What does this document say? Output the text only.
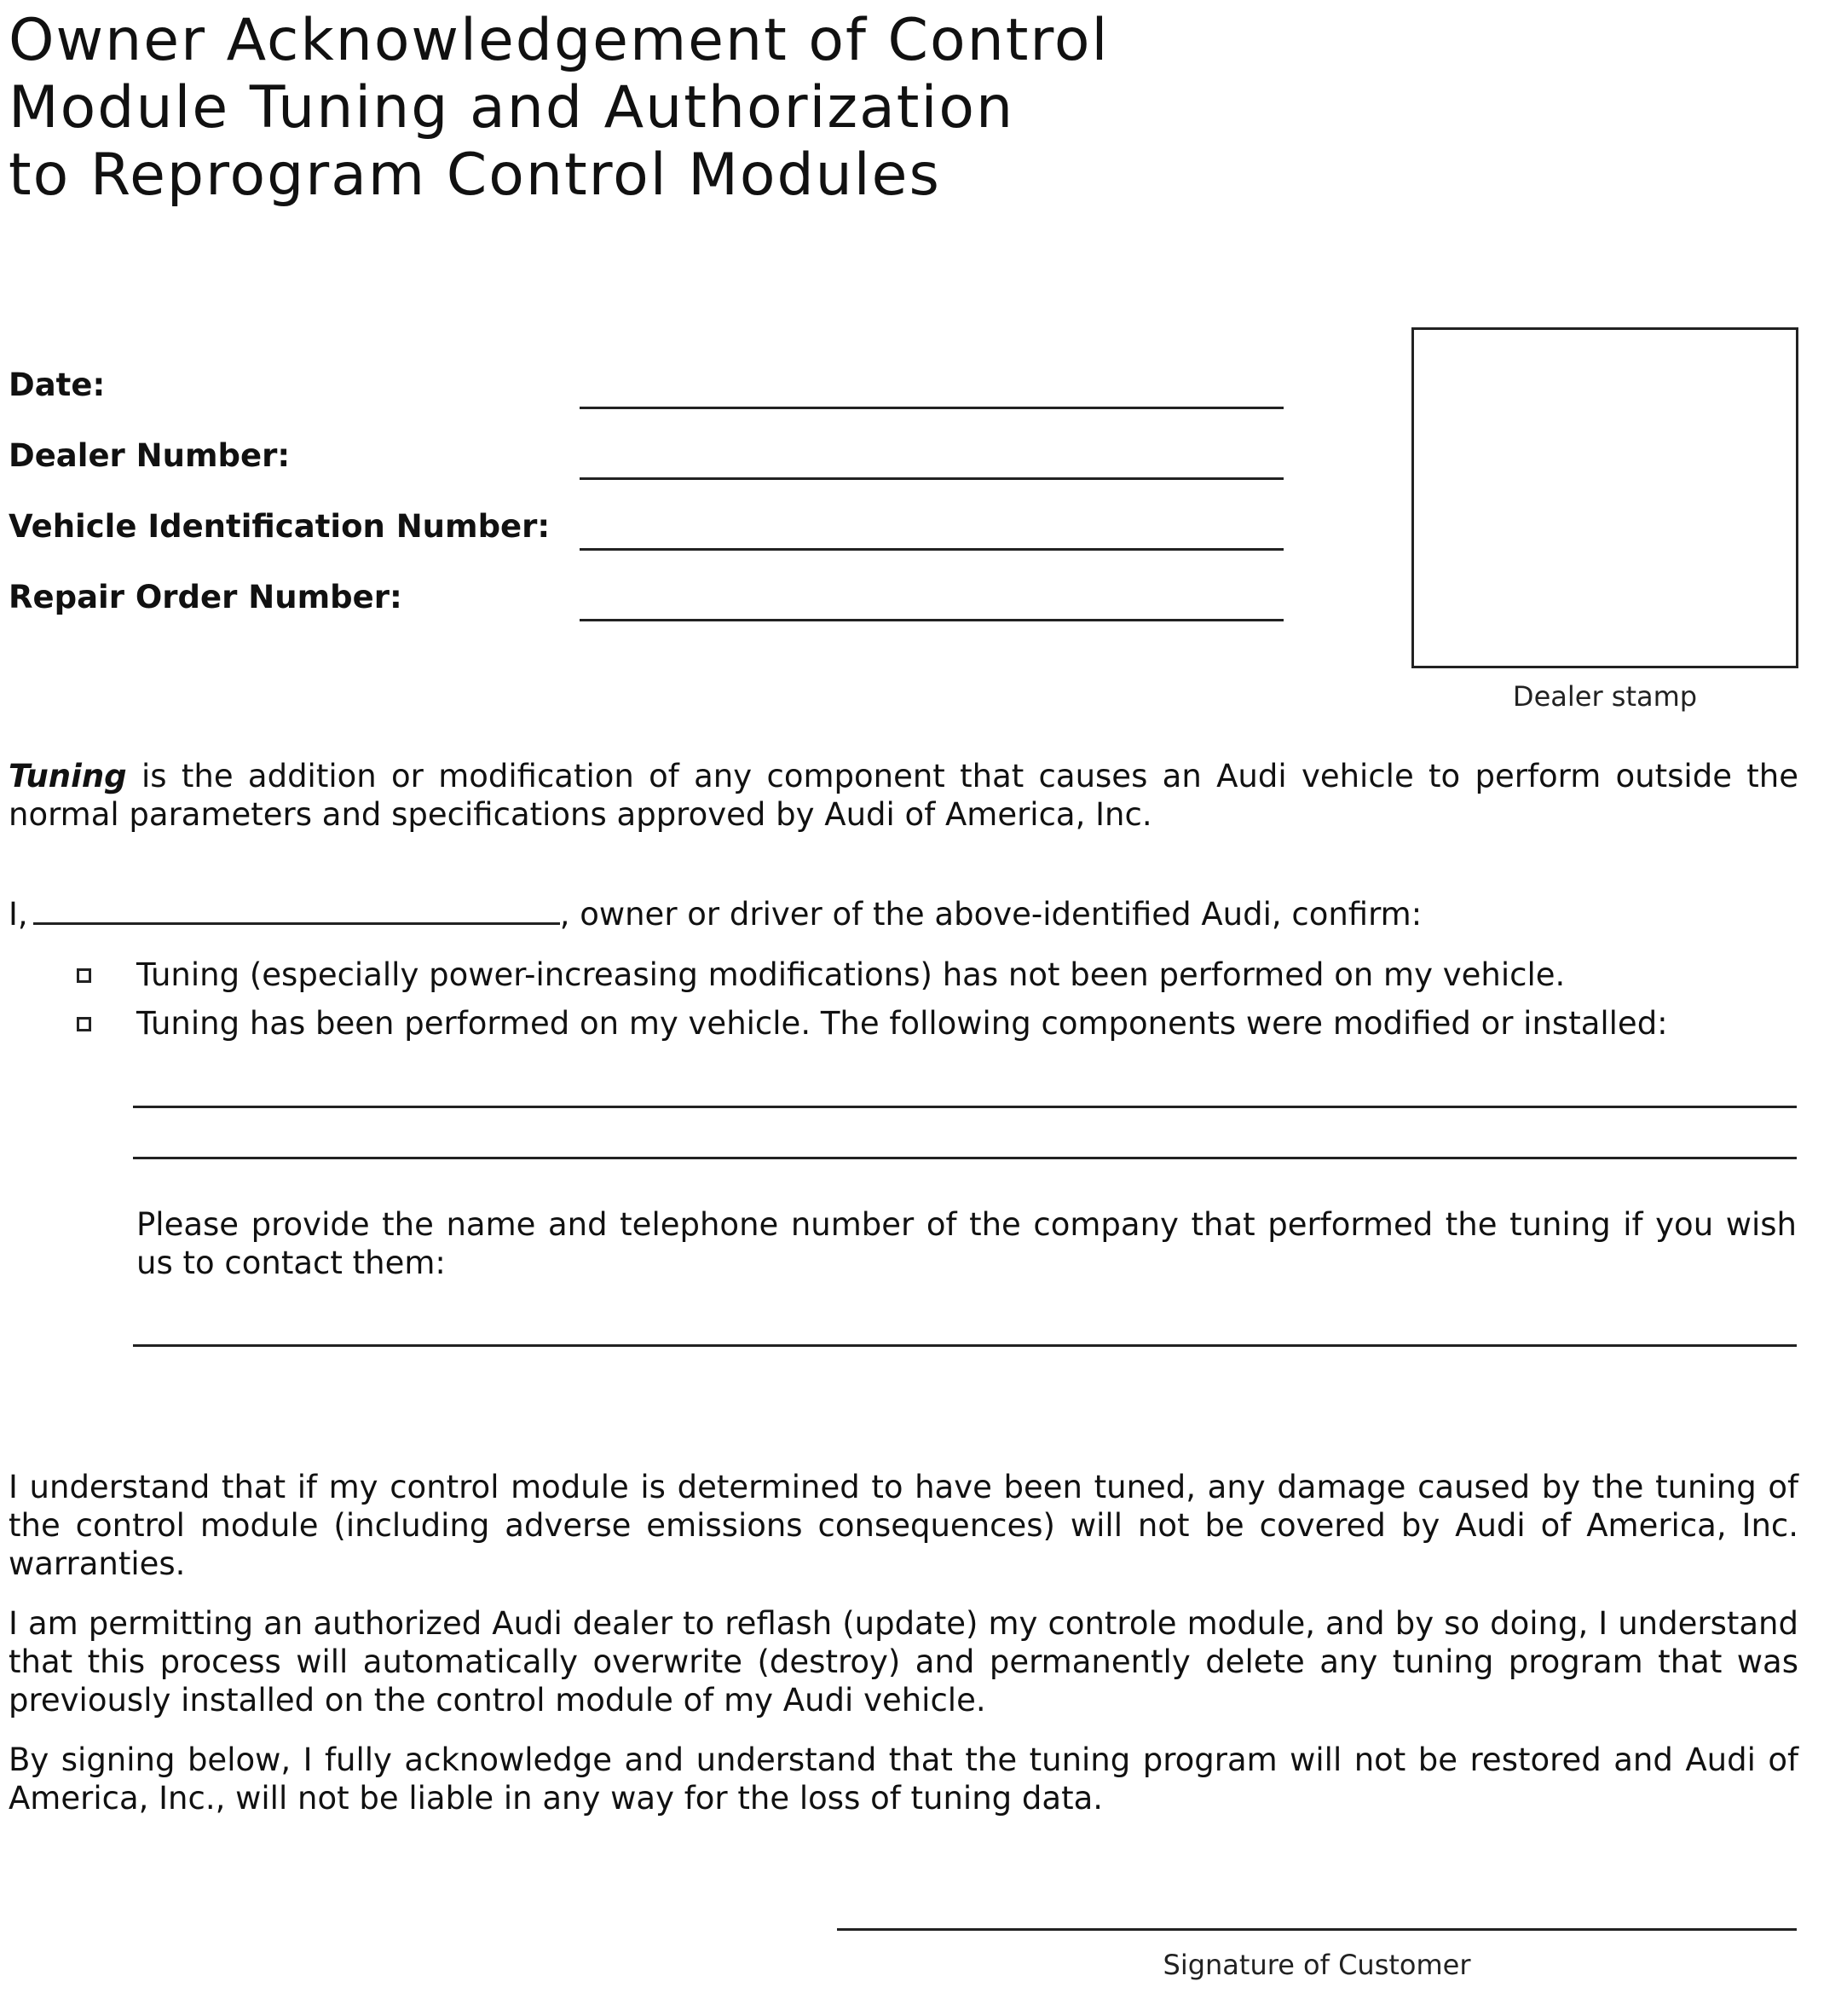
Owner Acknowledgement of Control
Module Tuning and Authorization
to Reprogram Control Modules
Date:
Dealer Number:
Vehicle Identification Number:
Repair Order Number:
Dealer stamp
Tuning is the addition or modification of any component that causes an Audi vehicle to perform outside the normal parameters and specifications approved by Audi of America, Inc.
I,	, owner or driver of the above-identified Audi, confirm:
Tuning (especially power-increasing modifications) has not been performed on my vehicle.
Tuning has been performed on my vehicle. The following components were modified or installed:
Please provide the name and telephone number of the company that performed the tuning if you wish us to contact them:
I understand that if my control module is determined to have been tuned, any damage caused by the tuning of the control module (including adverse emissions consequences) will not be covered by Audi of America, Inc. warranties.
I am permitting an authorized Audi dealer to reflash (update) my controle module, and by so doing, I understand that this process will automatically overwrite (destroy) and permanently delete any tuning program that was previously installed on the control module of my Audi vehicle.
By signing below, I fully acknowledge and understand that the tuning program will not be restored and Audi of America, Inc., will not be liable in any way for the loss of tuning data.
Signature of Customer
